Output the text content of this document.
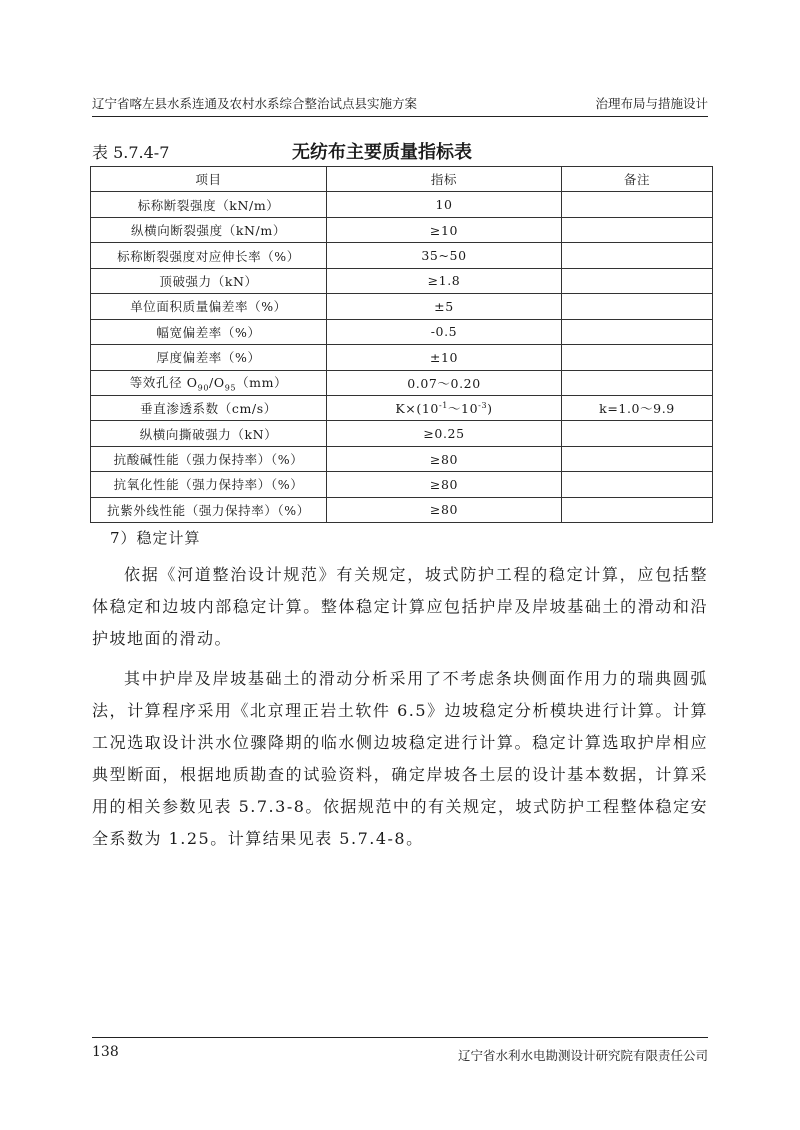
辽宁省喀左县水系连通及农村水系综合整治试点县实施方案	治理布局与措施设计
表 5.7.4-7	无纺布主要质量指标表
项目	指标	备注
标称断裂强度（kN/m）	10	
纵横向断裂强度（kN/m）	≥10	
标称断裂强度对应伸长率（%）	35~50	
顶破强力（kN）	≥1.8	
单位面积质量偏差率（%）	±5	
幅宽偏差率（%）	-0.5	
厚度偏差率（%）	±10	
等效孔径 $O_{90}/O_{95}(mm)$	0.07～0.20	
垂直渗透系数（cm/s）	$K\times(10^{-1}\sim 10^{-3})$	k=1.0～9.9
纵横向撕破强力（kN）	≥0.25	
抗酸碱性能（强力保持率）（%）	≥80	
抗氧化性能（强力保持率）（%）	≥80	
抗紫外线性能（强力保持率）（%）	≥80	

7）稳定计算

依据《河道整治设计规范》有关规定，坡式防护工程的稳定计算，应包括整体稳定和边坡内部稳定计算。整体稳定计算应包括护岸及岸坡基础土的滑动和沿护坡地面的滑动。

其中护岸及岸坡基础土的滑动分析采用了不考虑条块侧面作用力的瑞典圆弧法，计算程序采用《北京理正岩土软件 6.5》边坡稳定分析模块进行计算。计算工况选取设计洪水位骤降期的临水侧边坡稳定进行计算。稳定计算选取护岸相应典型断面，根据地质勘查的试验资料，确定岸坡各土层的设计基本数据，计算采用的相关参数见表 5.7.3-8。依据规范中的有关规定，坡式防护工程整体稳定安全系数为 1.25。计算结果见表 5.7.4-8。

138	辽宁省水利水电勘测设计研究院有限责任公司
